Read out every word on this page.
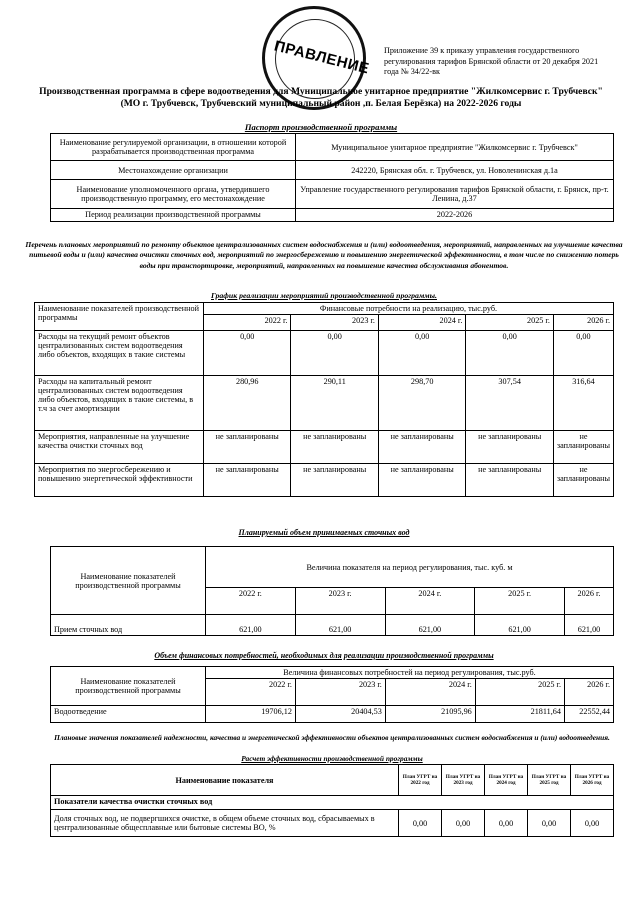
ПРАВЛЕНИЕ Приложение 39 к приказу управления государственного регулирования тарифов Брянской области от 20 декабря 2021 года № 34/22-вк
Производственная программа в сфере водоотведения для Муниципальное унитарное предприятие "Жилкомсервис г. Трубчевск"
(МО г. Трубчевск, Трубчевский муниципальный район ,п. Белая Берёзка) на 2022-2026 годы
Паспорт производственной программы
Наименование регулируемой организации, в отношении которой разрабатывается производственная программа	Муниципальное унитарное предприятие "Жилкомсервис г. Трубчевск"
Местонахождение организации	242220, Брянская обл. г. Трубчевск, ул. Новоленинская д.1а
Наименование уполномоченного органа, утвердившего производственную программу, его местонахождение	Управление государственного регулирования тарифов Брянской области, г. Брянск, пр-т. Ленина, д.37
Период реализации производственной программы	2022-2026
Перечень плановых мероприятий по ремонту объектов централизованных систем водоснабжения и (или) водоотведения, мероприятий, направленных на улучшение качества питьевой воды и (или) качества очистки сточных вод, мероприятий по энергосбережению и повышению энергетической эффективности, в том числе по снижению потерь воды при транспортировке, мероприятий, направленных на повышение качества обслуживания абонентов.
График реализации мероприятий производственной программы.
Наименование показателей производственной программы	Финансовые потребности на реализацию, тыс.руб.				
	2022 г.	2023 г.	2024 г.	2025 г.	2026 г.
Расходы на текущий ремонт объектов централизованных систем водоотведения либо объектов, входящих в такие системы	0,00	0,00	0,00	0,00	0,00
Расходы на капитальный ремонт централизованных систем водоотведения либо объектов, входящих в такие системы, в т.ч за счет амортизации	280,96	290,11	298,70	307,54	316,64
Мероприятия, направленные на улучшение качества очистки сточных вод	не запланированы	не запланированы	не запланированы	не запланированы	не запланированы
Мероприятия по энергосбережению и повышению энергетической эффективности	не запланированы	не запланированы	не запланированы	не запланированы	не запланированы
Планируемый объем принимаемых сточных вод
Наименование показателей производственной программы	Величина показателя на период регулирования, тыс. куб. м				
	2022 г.	2023 г.	2024 г.	2025 г.	2026 г.
Прием сточных вод	621,00	621,00	621,00	621,00	621,00
Объем финансовых потребностей, необходимых для реализации производственной программы
Наименование показателей производственной программы	Величина финансовых потребностей на период регулирования, тыс.руб.				
	2022 г.	2023 г.	2024 г.	2025 г.	2026 г.
Водоотведение	19706,12	20404,53	21095,96	21811,64	22552,44
Плановые значения показателей надежности, качества и энергетической эффективности объектов централизованных систем водоснабжения и (или) водоотведения.
Расчет эффективности производственной программы
Наименование показателя	План УГРТ на 2022 год	План УГРТ на 2023 год	План УГРТ на 2024 год	План УГРТ на 2025 год	План УГРТ на 2026 год
Показатели качества очистки сточных вод					
Доля сточных вод, не подвергшихся очистке, в общем объеме сточных вод, сбрасываемых в централизованные общесплавные или бытовые системы ВО, %	0,00	0,00	0,00	0,00	0,00
